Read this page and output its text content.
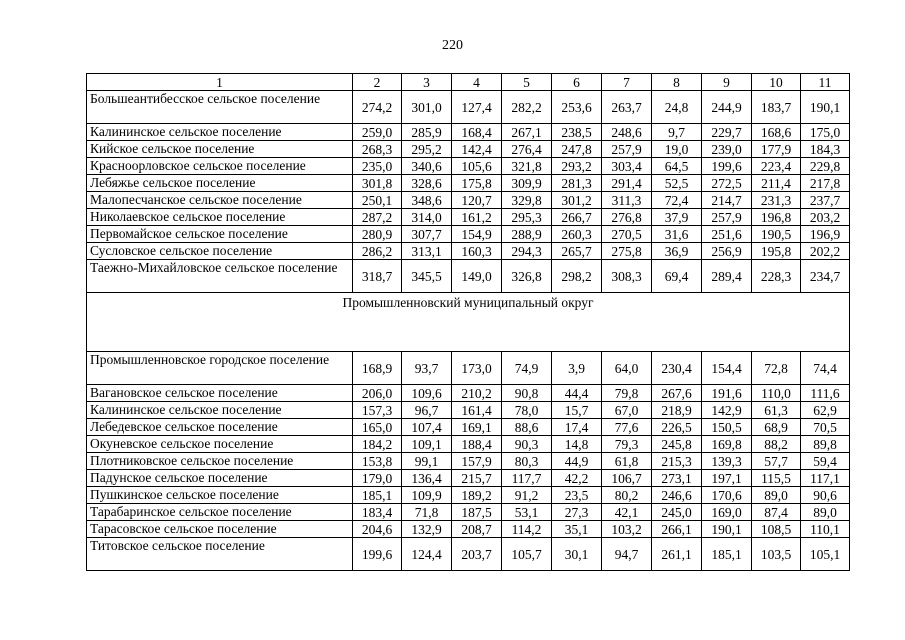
220
1	2	3	4	5	6	7	8	9	10	11
Большеантибесское сельское поселение	274,2	301,0	127,4	282,2	253,6	263,7	24,8	244,9	183,7	190,1
Калининское сельское поселение	259,0	285,9	168,4	267,1	238,5	248,6	9,7	229,7	168,6	175,0
Кийское сельское поселение	268,3	295,2	142,4	276,4	247,8	257,9	19,0	239,0	177,9	184,3
Красноорловское сельское поселение	235,0	340,6	105,6	321,8	293,2	303,4	64,5	199,6	223,4	229,8
Лебяжье сельское поселение	301,8	328,6	175,8	309,9	281,3	291,4	52,5	272,5	211,4	217,8
Малопесчанское сельское поселение	250,1	348,6	120,7	329,8	301,2	311,3	72,4	214,7	231,3	237,7
Николаевское сельское поселение	287,2	314,0	161,2	295,3	266,7	276,8	37,9	257,9	196,8	203,2
Первомайское сельское поселение	280,9	307,7	154,9	288,9	260,3	270,5	31,6	251,6	190,5	196,9
Сусловское сельское поселение	286,2	313,1	160,3	294,3	265,7	275,8	36,9	256,9	195,8	202,2
Таежно-Михайловское сельское поселение	318,7	345,5	149,0	326,8	298,2	308,3	69,4	289,4	228,3	234,7
Промышленновский муниципальный округ										
Промышленновское городское поселение	168,9	93,7	173,0	74,9	3,9	64,0	230,4	154,4	72,8	74,4
Вагановское сельское поселение	206,0	109,6	210,2	90,8	44,4	79,8	267,6	191,6	110,0	111,6
Калининское сельское поселение	157,3	96,7	161,4	78,0	15,7	67,0	218,9	142,9	61,3	62,9
Лебедевское сельское поселение	165,0	107,4	169,1	88,6	17,4	77,6	226,5	150,5	68,9	70,5
Окуневское сельское поселение	184,2	109,1	188,4	90,3	14,8	79,3	245,8	169,8	88,2	89,8
Плотниковское сельское поселение	153,8	99,1	157,9	80,3	44,9	61,8	215,3	139,3	57,7	59,4
Падунское сельское поселение	179,0	136,4	215,7	117,7	42,2	106,7	273,1	197,1	115,5	117,1
Пушкинское сельское поселение	185,1	109,9	189,2	91,2	23,5	80,2	246,6	170,6	89,0	90,6
Тарабаринское сельское поселение	183,4	71,8	187,5	53,1	27,3	42,1	245,0	169,0	87,4	89,0
Тарасовское сельское поселение	204,6	132,9	208,7	114,2	35,1	103,2	266,1	190,1	108,5	110,1
Титовское сельское поселение	199,6	124,4	203,7	105,7	30,1	94,7	261,1	185,1	103,5	105,1
